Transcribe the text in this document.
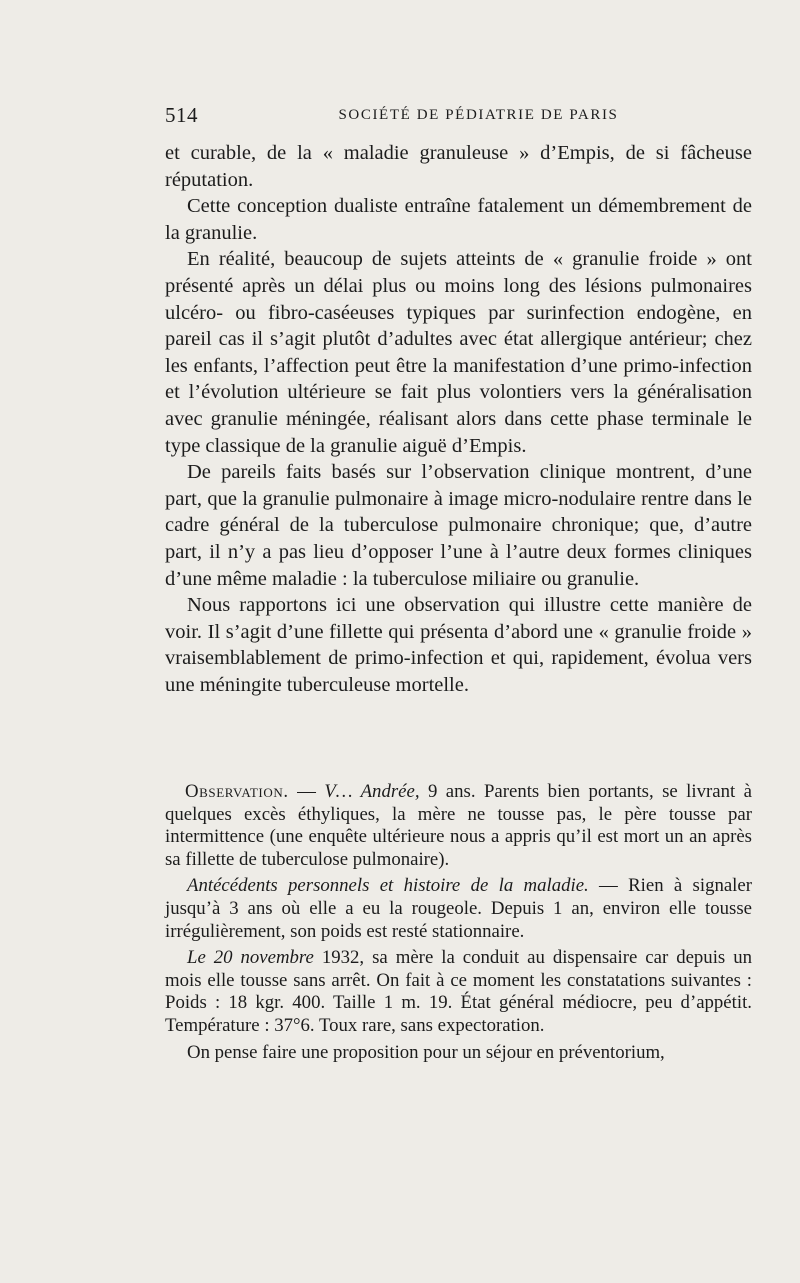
514	SOCIÉTÉ DE PÉDIATRIE DE PARIS

et curable, de la « maladie granuleuse » d’Empis, de si fâcheuse réputation.

Cette conception dualiste entraîne fatalement un démembrement de la granulie.

En réalité, beaucoup de sujets atteints de « granulie froide » ont présenté après un délai plus ou moins long des lésions pulmonaires ulcéro- ou fibro-caséeuses typiques par surinfection endogène, en pareil cas il s’agit plutôt d’adultes avec état allergique antérieur; chez les enfants, l’affection peut être la manifestation d’une primo-infection et l’évolution ultérieure se fait plus volontiers vers la généralisation avec granulie méningée, réalisant alors dans cette phase terminale le type classique de la granulie aiguë d’Empis.

De pareils faits basés sur l’observation clinique montrent, d’une part, que la granulie pulmonaire à image micro-nodulaire rentre dans le cadre général de la tuberculose pulmonaire chronique; que, d’autre part, il n’y a pas lieu d’opposer l’une à l’autre deux formes cliniques d’une même maladie : la tuberculose miliaire ou granulie.

Nous rapportons ici une observation qui illustre cette manière de voir. Il s’agit d’une fillette qui présenta d’abord une « granulie froide » vraisemblablement de primo-infection et qui, rapidement, évolua vers une méningite tuberculeuse mortelle.

Observation. — V… Andrée, 9 ans. Parents bien portants, se livrant à quelques excès éthyliques, la mère ne tousse pas, le père tousse par intermittence (une enquête ultérieure nous a appris qu’il est mort un an après sa fillette de tuberculose pulmonaire).

Antécédents personnels et histoire de la maladie. — Rien à signaler jusqu’à 3 ans où elle a eu la rougeole. Depuis 1 an, environ elle tousse irrégulièrement, son poids est resté stationnaire.

Le 20 novembre 1932, sa mère la conduit au dispensaire car depuis un mois elle tousse sans arrêt. On fait à ce moment les constatations suivantes : Poids : 18 kgr. 400. Taille 1 m. 19. État général médiocre, peu d’appétit. Température : 37°6. Toux rare, sans expectoration.

On pense faire une proposition pour un séjour en préventorium,
